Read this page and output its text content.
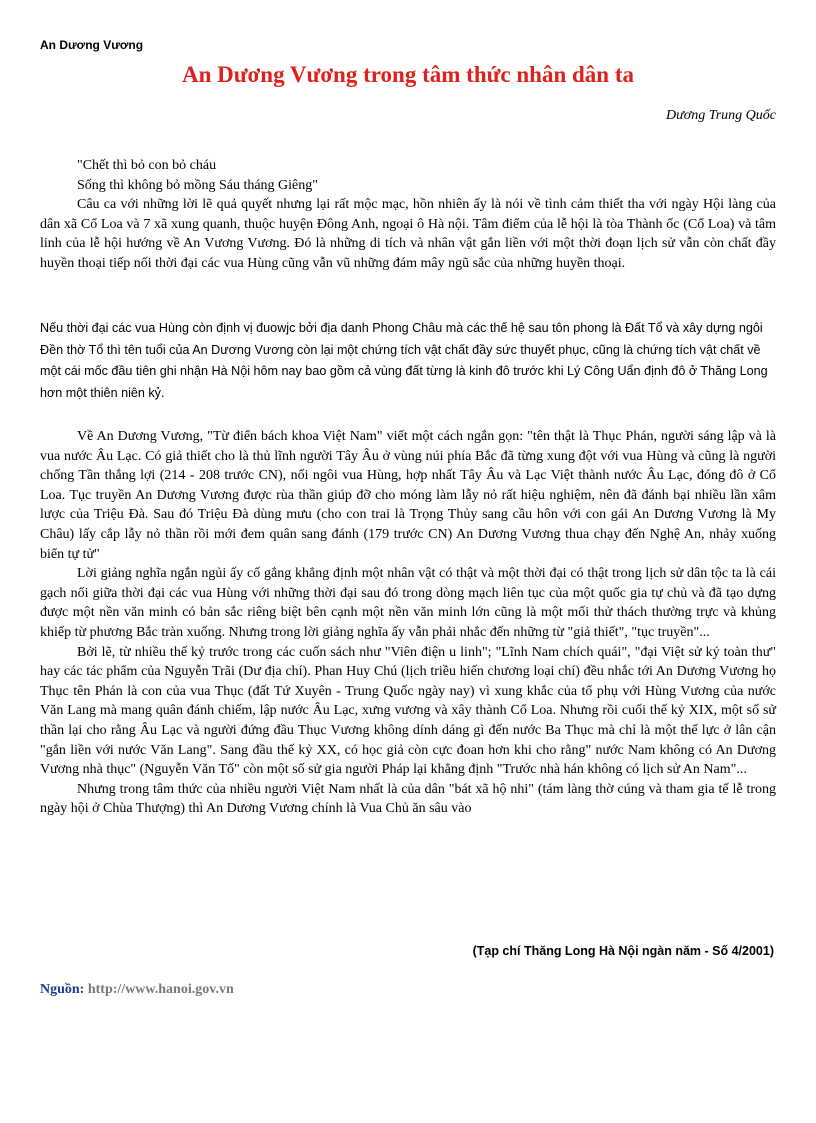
An Dương Vương
An Dương Vương trong tâm thức nhân dân ta
Dương Trung Quốc

"Chết thì bỏ con bỏ cháu

Sống thì không bỏ mồng Sáu tháng Giêng"

Câu ca với những lời lẽ quả quyết nhưng lại rất mộc mạc, hồn nhiên ấy là nói về tình cảm thiết tha với ngày Hội làng của dân xã Cổ Loa và 7 xã xung quanh, thuộc huyện Đông Anh, ngoại ô Hà nội. Tâm điểm của lễ hội là tòa Thành ốc (Cổ Loa) và tâm linh của lễ hội hướng về An Vương Vương. Đó là những di tích và nhân vật gắn liền với một thời đoạn lịch sử vẫn còn chất đầy huyền thoại tiếp nối thời đại các vua Hùng cũng vẫn vũ những đám mây ngũ sắc của những huyền thoại.

Nếu thời đại các vua Hùng còn định vị đuowjc bởi địa danh Phong Châu mà các thế hệ sau tôn phong là Đất Tổ và xây dựng ngôi Đền thờ Tổ thì tên tuổi của An Dương Vương còn lại một chứng tích vật chất đầy sức thuyết phục, cũng là chứng tích vật chất về một cái mốc đầu tiên ghi nhận Hà Nội hôm nay bao gồm cả vùng đất từng là kinh đô trước khi Lý Công Uẩn định đô ở Thăng Long hơn một thiên niên kỷ.

Về An Dương Vương, "Từ điển bách khoa Việt Nam" viết một cách ngắn gọn: "tên thật là Thục Phán, người sáng lập và là vua nước Âu Lạc. Có giả thiết cho là thủ lĩnh người Tây Âu ở vùng núi phía Bắc đã từng xung đột với vua Hùng và cũng là người chống Tần thắng lợi (214 - 208 trước CN), nối ngôi vua Hùng, hợp nhất Tây Âu và Lạc Việt thành nước Âu Lạc, đóng đô ở Cổ Loa. Tục truyền An Dương Vương được rùa thần giúp đỡ cho móng làm lẫy nỏ rất hiệu nghiệm, nên đã đánh bại nhiều lần xâm lược của Triệu Đà. Sau đó Triệu Đà dùng mưu (cho con trai là Trọng Thủy sang cầu hôn với con gái An Dương Vương là My Châu) lấy cắp lẫy nỏ thần rồi mới đem quân sang đánh (179 trước CN) An Dương Vương thua chạy đến Nghệ An, nhảy xuống biển tự tử"

Lời giảng nghĩa ngắn ngủi ấy cố gắng khẳng định một nhân vật có thật và một thời đại có thật trong lịch sử dân tộc ta là cái gạch nối giữa thời đại các vua Hùng với những thời đại sau đó trong dòng mạch liên tục của một quốc gia tự chủ và đã tạo dựng được một nền văn minh có bản sắc riêng biệt bên cạnh một nền văn minh lớn cũng là một mối thử thách thường trực và khủng khiếp từ phương Bắc tràn xuống. Nhưng trong lời giảng nghĩa ấy vẫn phải nhắc đến những từ "giả thiết", "tục truyền"...

Bởi lẽ, từ nhiều thế kỷ trước trong các cuốn sách như "Viên điện u linh"; "Lĩnh Nam chích quái", "đại Việt sử ký toàn thư" hay các tác phẩm của Nguyễn Trãi (Dư địa chí). Phan Huy Chú (lịch triều hiến chương loại chí) đều nhắc tới An Dương Vương họ Thục tên Phán là con của vua Thục (đất Tứ Xuyên - Trung Quốc ngày nay) vì xung khắc của tổ phụ với Hùng Vương của nước Văn Lang mà mang quân đánh chiếm, lập nước Âu Lạc, xưng vương và xây thành Cổ Loa. Nhưng rồi cuối thế kỷ XIX, một số sử thần lại cho rằng Âu Lạc và người đứng đầu Thục Vương không dính dáng gì đến nước Ba Thục mà chỉ là một thế lực ở lân cận "gắn liền với nước Văn Lang". Sang đầu thế kỷ XX, có học giả còn cực đoan hơn khi cho rằng" nước Nam không có An Dương Vương nhà thục" (Nguyễn Văn Tố" còn một số sử gia người Pháp lại khẳng định "Trước nhà hán không có lịch sử An Nam"...

Nhưng trong tâm thức của nhiều người Việt Nam nhất là của dân "bát xã hộ nhi" (tám làng thờ cúng và tham gia tế lễ trong ngày hội ở Chùa Thượng) thì An Dương Vương chính là Vua Chủ ăn sâu vào

(Tạp chí Thăng Long Hà Nội ngàn năm - Số 4/2001)
Nguồn: http://www.hanoi.gov.vn
